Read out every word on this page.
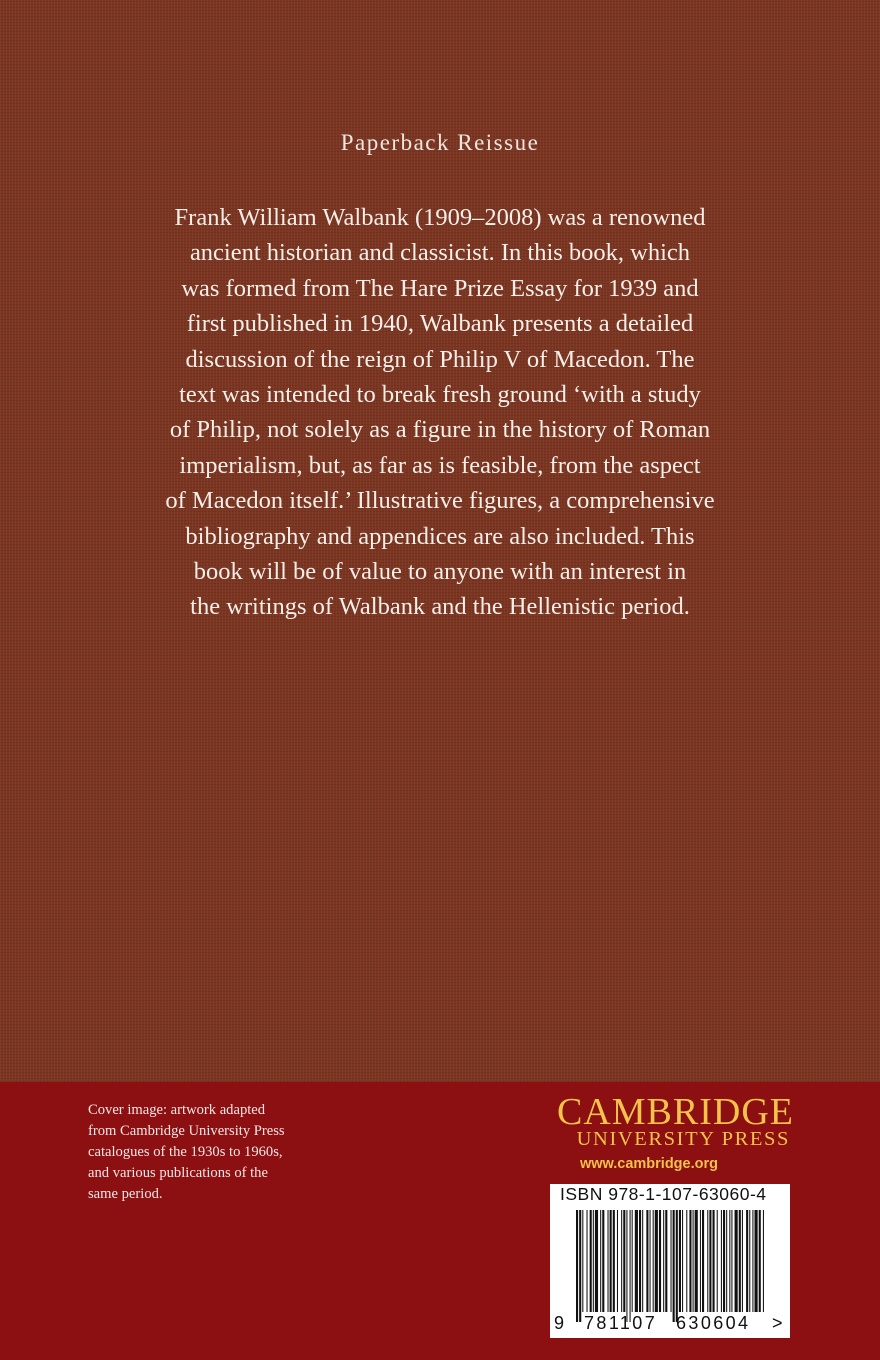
Paperback Reissue
Frank William Walbank (1909–2008) was a renowned
ancient historian and classicist. In this book, which
was formed from The Hare Prize Essay for 1939 and
first published in 1940, Walbank presents a detailed
discussion of the reign of Philip V of Macedon. The
text was intended to break fresh ground ‘with a study
of Philip, not solely as a figure in the history of Roman
imperialism, but, as far as is feasible, from the aspect
of Macedon itself.’ Illustrative figures, a comprehensive
bibliography and appendices are also included. This
book will be of value to anyone with an interest in
the writings of Walbank and the Hellenistic period.
Cover image: artwork adapted
from Cambridge University Press
catalogues of the 1930s to 1960s,
and various publications of the
same period.
CAMBRIDGE
UNIVERSITY PRESS
www.cambridge.org
ISBN 978-1-107-63060-4
9 781107 630604 >
